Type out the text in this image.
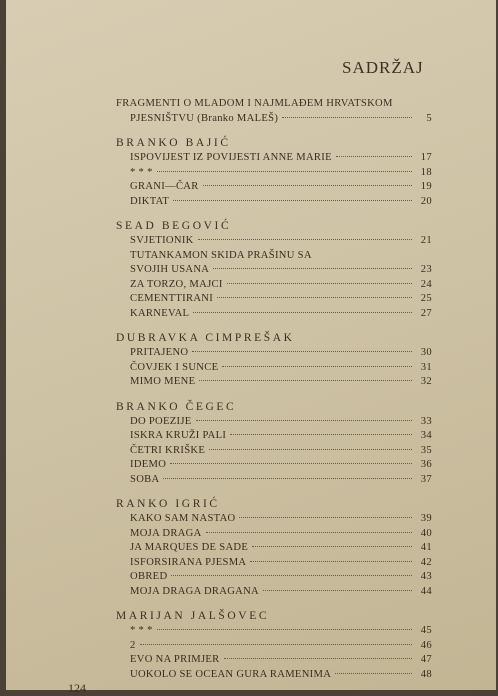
SADRŽAJ
FRAGMENTI O MLADOM I NAJMLAĐEM HRVATSKOM
PJESNIŠTVU (Branko MALEŠ)	5
BRANKO BAJIĆ
ISPOVIJEST IZ POVIJESTI ANNE MARIE	17
* * *	18
GRANI—ČAR	19
DIKTAT	20
SEAD BEGOVIĆ
SVJETIONIK	21
TUTANKAMON SKIDA PRAŠINU SA
SVOJIH USANA	23
ZA TORZO, MAJCI	24
CEMENTTIRANI	25
KARNEVAL	27
DUBRAVKA CIMPREŠAK
PRITAJENO	30
ČOVJEK I SUNCE	31
MIMO MENE	32
BRANKO ČEGEC
DO POEZIJE	33
ISKRA KRUŽI PALI	34
ČETRI KRIŠKE	35
IDEMO	36
SOBA	37
RANKO IGRIĆ
KAKO SAM NASTAO	39
MOJA DRAGA	40
JA MARQUES DE SADE	41
ISFORSIRANA PJESMA	42
OBRED	43
MOJA DRAGA DRAGANA	44
MARIJAN JALŠOVEC
* * *	45
2	46
EVO NA PRIMJER	47
UOKOLO SE OCEAN GURA RAMENIMA	48
124
